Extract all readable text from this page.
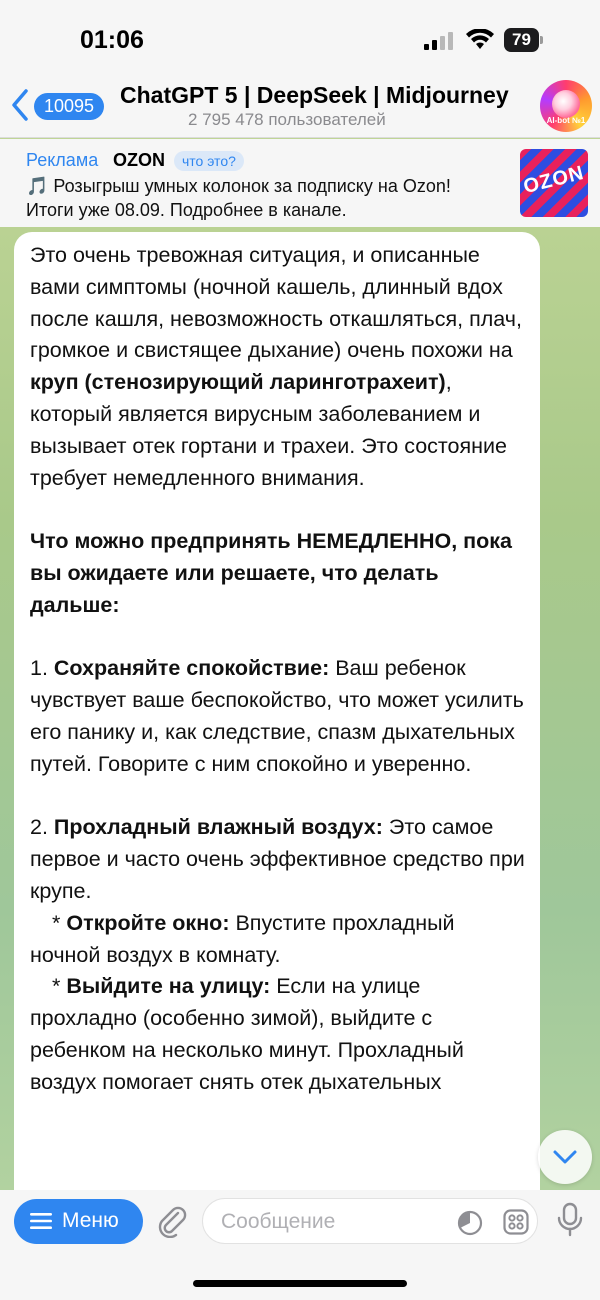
01:06	79
10095	ChatGPT 5 | DeepSeek | Midjourney
2 795 478 пользователей	AI-bot №1
Реклама OZON	что это?
🎵 Розыгрыш умных колонок за подписку на Ozon! Итоги уже 08.09. Подробнее в канале.
OZON

Это очень тревожная ситуация, и описанные вами симптомы (ночной кашель, длинный вдох после кашля, невозможность откашляться, плач, громкое и свистящее дыхание) очень похожи на круп (стенозирующий ларинготрахеит), который является вирусным заболеванием и вызывает отек гортани и трахеи. Это состояние требует немедленного внимания.

Что можно предпринять НЕМЕДЛЕННО, пока вы ожидаете или решаете, что делать дальше:

1. Сохраняйте спокойствие: Ваш ребенок чувствует ваше беспокойство, что может усилить его панику и, как следствие, спазм дыхательных путей. Говорите с ним спокойно и уверенно.

2. Прохладный влажный воздух: Это самое первое и часто очень эффективное средство при крупе.

* Откройте окно: Впустите прохладный ночной воздух в комнату.

* Выйдите на улицу: Если на улице прохладно (особенно зимой), выйдите с ребенком на несколько минут. Прохладный воздух помогает снять отек дыхательных

Меню	Сообщение
